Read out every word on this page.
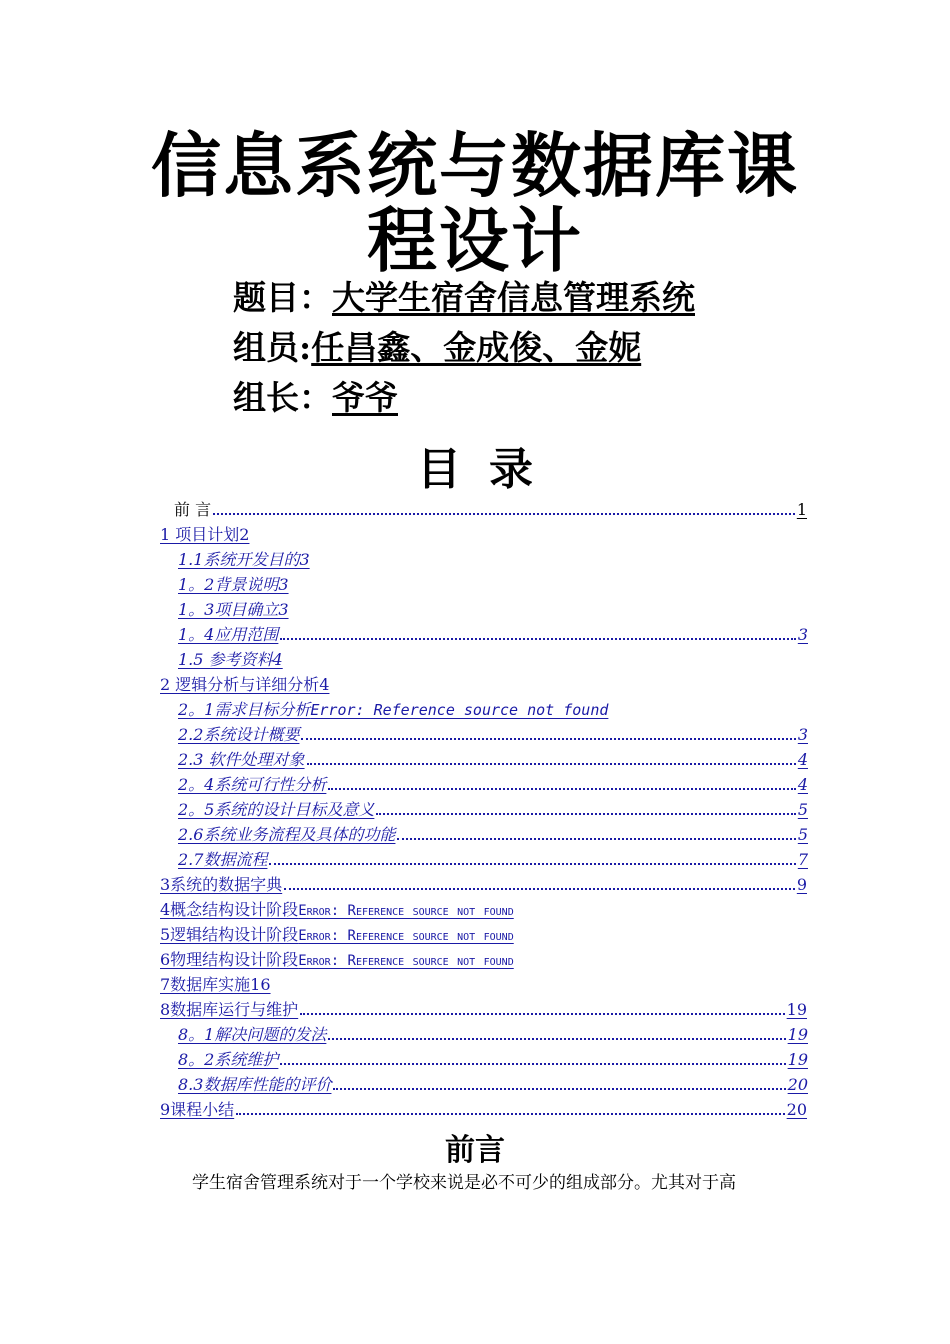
信息系统与数据库课
程设计
题目：大学生宿舍信息管理系统
组员:任昌鑫、金成俊、金妮
组长：爷爷
目录
前 言	1
1 项目计划2
1.1系统开发目的3
1。2背景说明3
1。3项目确立3
1。4应用范围	3
1.5 参考资料4
2 逻辑分析与详细分析4
2。1需求目标分析 Error: Reference source not found
2.2系统设计概要	3
2.3 软件处理对象	4
2。4系统可行性分析	4
2。5系统的设计目标及意义	5
2.6系统业务流程及具体的功能	5
2.7数据流程	7
3系统的数据字典	9
4概念结构设计阶段 Error: Reference source not found
5逻辑结构设计阶段 Error: Reference source not found
6物理结构设计阶段 Error: Reference source not found
7数据库实施16
8数据库运行与维护	19
8。1解决问题的发法	19
8。2系统维护	19
8.3数据库性能的评价	20
9课程小结	20
前言
学生宿舍管理系统对于一个学校来说是必不可少的组成部分。尤其对于高
